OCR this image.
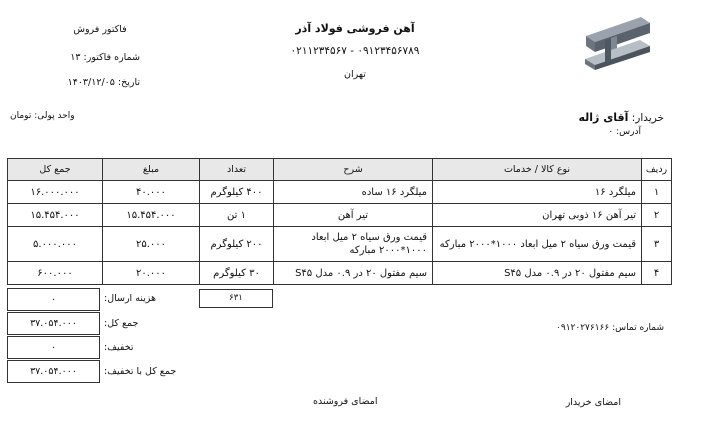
آهن فروشی فولاد آذر
۰۲۱۱۲۳۴۵۶۷ - ۰۹۱۲۳۴۵۶۷۸۹
تهران
فاکتور فروش
شماره فاکتور: ۱۳
تاریخ: ۱۴۰۳/۱۲/۰۵
خریدار: آقای ژاله
آدرس: ۰
واحد پولی: تومان
جمع کل	مبلغ	تعداد	شرح	نوع کالا / خدمات	ردیف
۱۶.۰۰۰.۰۰۰	۴۰.۰۰۰	۴۰۰ کیلوگرم	میلگرد ۱۶ ساده	میلگرد ۱۶	۱
۱۵.۴۵۴.۰۰۰	۱۵.۴۵۴.۰۰۰	۱ تن	تیر آهن	تیر آهن ۱۶ ذوبی تهران	۲
۵.۰۰۰.۰۰۰	۲۵.۰۰۰	۲۰۰ کیلوگرم	قیمت ورق سیاه ۲ میل ابعاد ۱۰۰۰*۲۰۰۰ مبارکه	قیمت ورق سیاه ۲ میل ابعاد ۱۰۰۰*۲۰۰۰ مبارکه	۳
۶۰۰.۰۰۰	۲۰.۰۰۰	۳۰ کیلوگرم	سیم مفتول ۲۰ در ۰.۹ مدل S۴۵	سیم مفتول ۲۰ در ۰.۹ مدل S۴۵	۴
۶۳۱
۰	هزینه ارسال:
۳۷.۰۵۴.۰۰۰	جمع کل:
۰	تخفیف:
۳۷.۰۵۴.۰۰۰	جمع کل با تخفیف:
شماره تماس: ۰۹۱۲۰۲۷۶۱۶۶
امضای فروشنده	امضای خریدار
